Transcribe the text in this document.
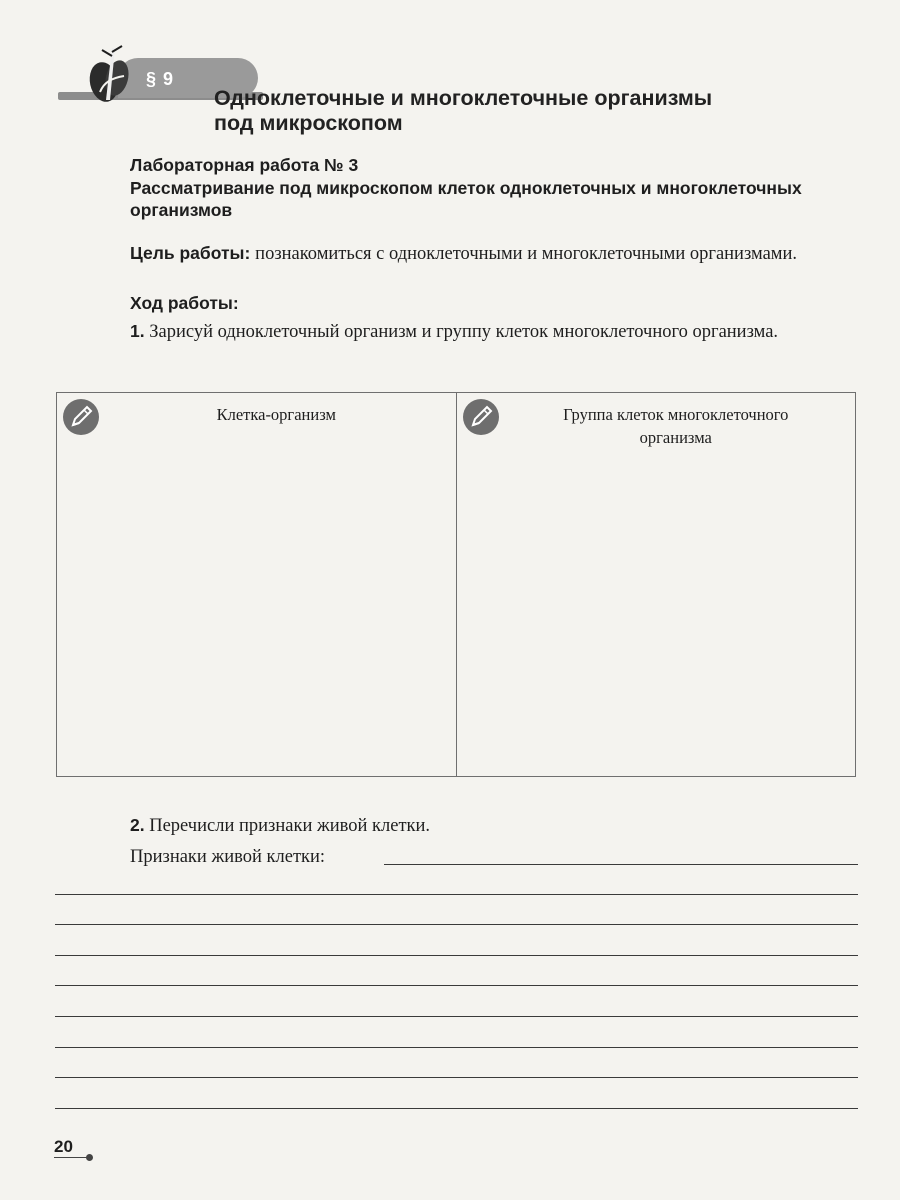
§ 9
Одноклеточные и многоклеточные организмы
под микроскопом
Лабораторная работа № 3
Рассматривание под микроскопом клеток одноклеточных и многоклеточных
организмов
Цель работы: познакомиться с одноклеточными и многоклеточными организмами.
Ход работы:
1. Зарисуй одноклеточный организм и группу клеток многоклеточного организма.
Клетка-организм	Группа клеток многоклеточного
организма
2. Перечисли признаки живой клетки.
Признаки живой клетки:
20
